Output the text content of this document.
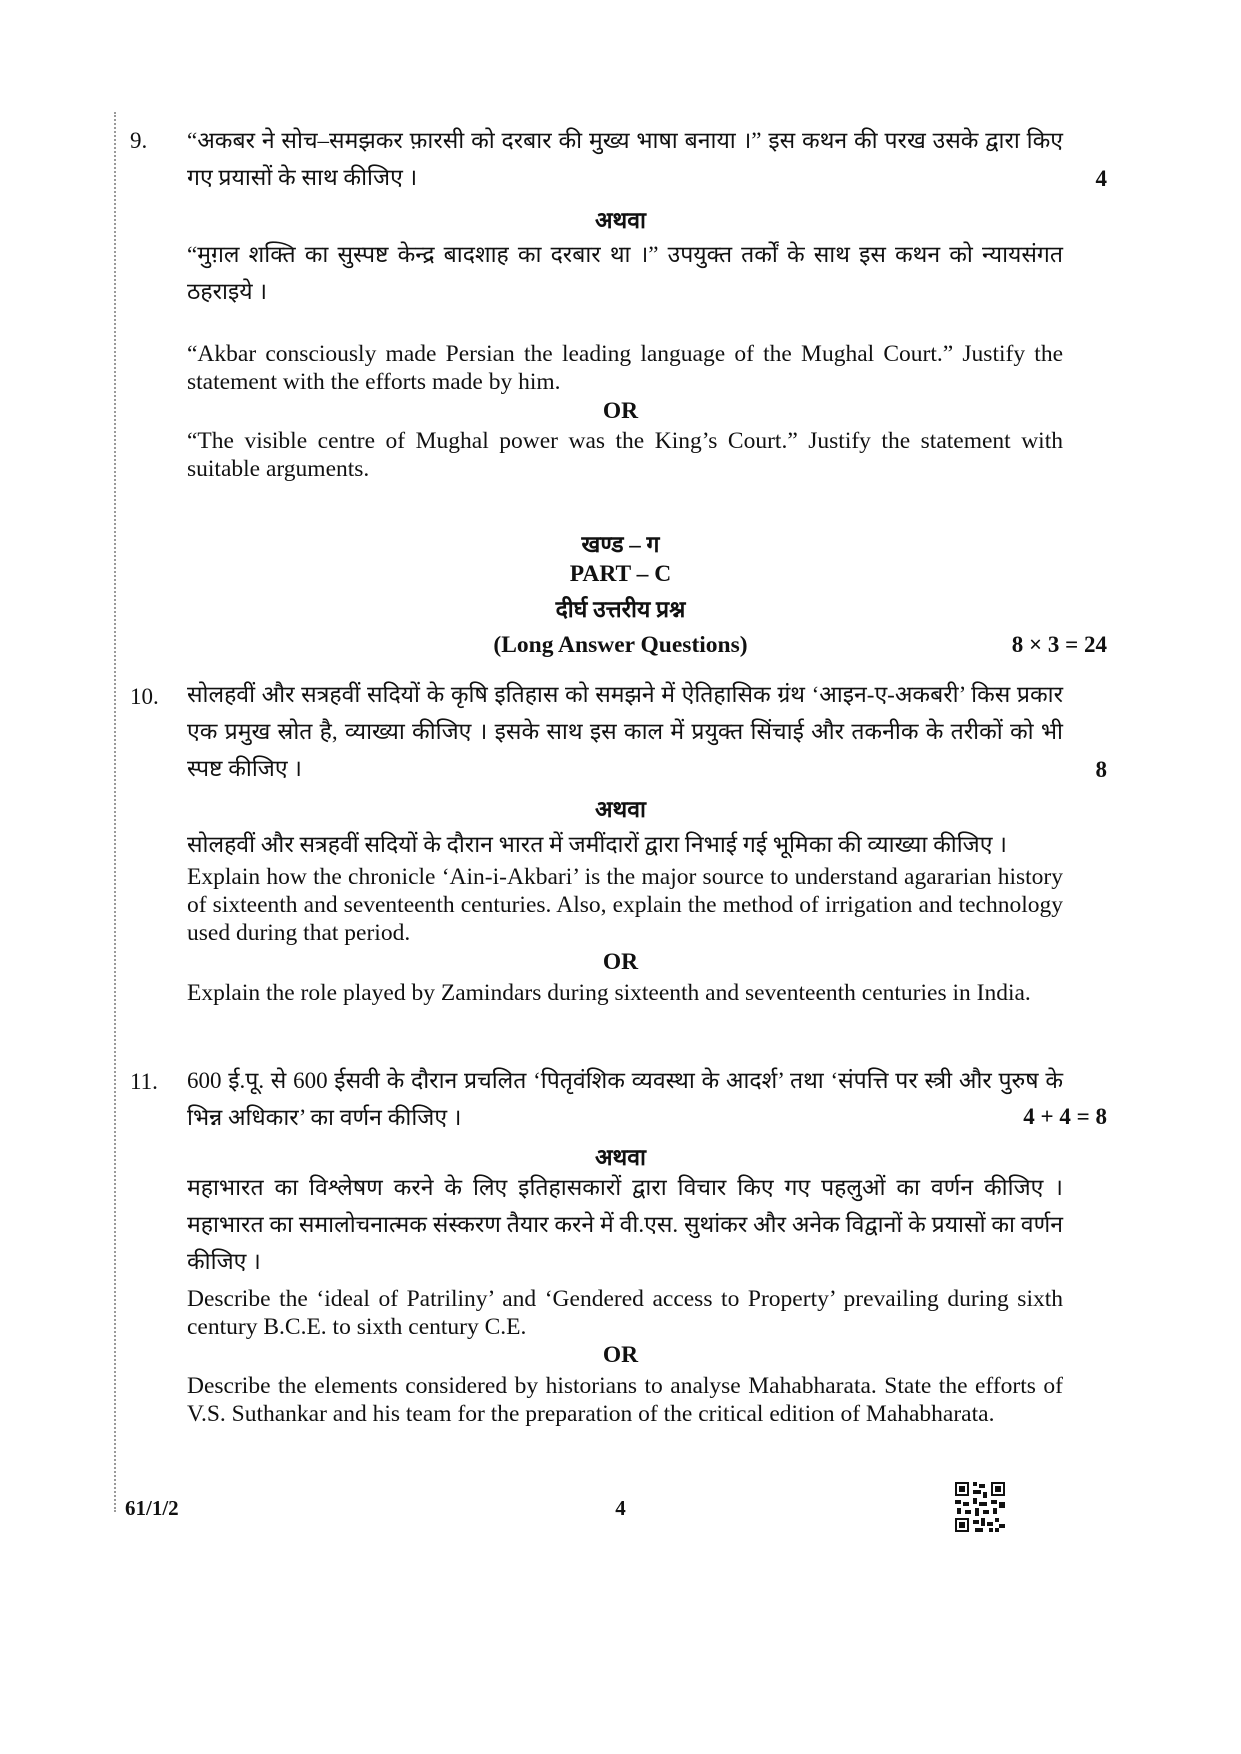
9. “अकबर ने सोच–समझकर फ़ारसी को दरबार की मुख्य भाषा बनाया ।” इस कथन की परख उसके द्वारा किए गए प्रयासों के साथ कीजिए ।	4
अथवा
“मुग़ल शक्ति का सुस्पष्ट केन्द्र बादशाह का दरबार था ।” उपयुक्त तर्कों के साथ इस कथन को न्यायसंगत ठहराइये ।
“Akbar consciously made Persian the leading language of the Mughal Court.” Justify the statement with the efforts made by him.
OR
“The visible centre of Mughal power was the King’s Court.” Justify the statement with suitable arguments.
खण्ड – ग
PART – C
दीर्घ उत्तरीय प्रश्न
(Long Answer Questions)	8 × 3 = 24
10. सोलहवीं और सत्रहवीं सदियों के कृषि इतिहास को समझने में ऐतिहासिक ग्रंथ ‘आइन-ए-अकबरी’ किस प्रकार एक प्रमुख स्रोत है, व्याख्या कीजिए । इसके साथ इस काल में प्रयुक्त सिंचाई और तकनीक के तरीकों को भी स्पष्ट कीजिए ।	8
अथवा
सोलहवीं और सत्रहवीं सदियों के दौरान भारत में जमींदारों द्वारा निभाई गई भूमिका की व्याख्या कीजिए ।
Explain how the chronicle ‘Ain-i-Akbari’ is the major source to understand agararian history of sixteenth and seventeenth centuries. Also, explain the method of irrigation and technology used during that period.
OR
Explain the role played by Zamindars during sixteenth and seventeenth centuries in India.
11. 600 ई.पू. से 600 ईसवी के दौरान प्रचलित ‘पितृवंशिक व्यवस्था के आदर्श’ तथा ‘संपत्ति पर स्त्री और पुरुष के भिन्न अधिकार’ का वर्णन कीजिए ।	4 + 4 = 8
अथवा
महाभारत का विश्लेषण करने के लिए इतिहासकारों द्वारा विचार किए गए पहलुओं का वर्णन कीजिए । महाभारत का समालोचनात्मक संस्करण तैयार करने में वी.एस. सुथांकर और अनेक विद्वानों के प्रयासों का वर्णन कीजिए ।
Describe the ‘ideal of Patriliny’ and ‘Gendered access to Property’ prevailing during sixth century B.C.E. to sixth century C.E.
OR
Describe the elements considered by historians to analyse Mahabharata. State the efforts of V.S. Suthankar and his team for the preparation of the critical edition of Mahabharata.
61/1/2	4
